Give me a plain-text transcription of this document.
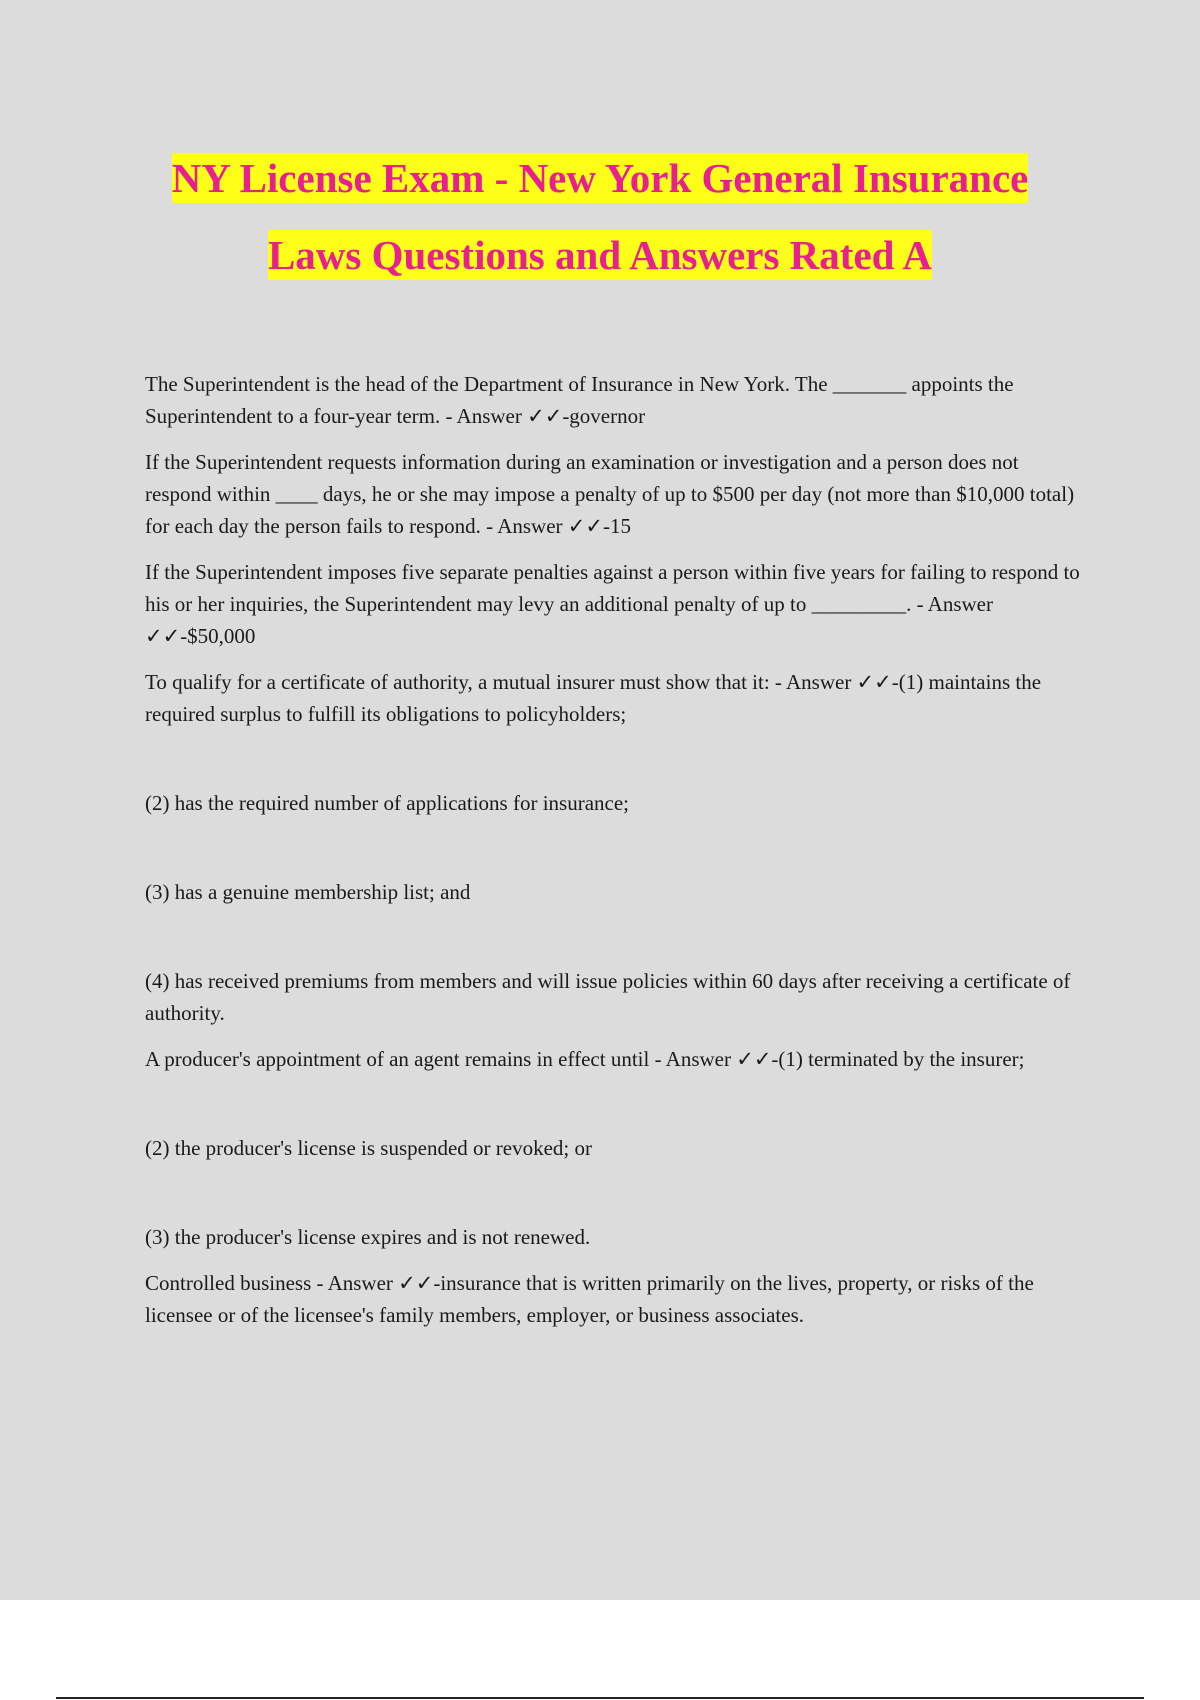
NY License Exam - New York General Insurance
Laws Questions and Answers Rated A

The Superintendent is the head of the Department of Insurance in New York. The _______ appoints the Superintendent to a four-year term. - Answer ✓✓-governor

If the Superintendent requests information during an examination or investigation and a person does not respond within ____ days, he or she may impose a penalty of up to $500 per day (not more than $10,000 total) for each day the person fails to respond. - Answer ✓✓-15

If the Superintendent imposes five separate penalties against a person within five years for failing to respond to his or her inquiries, the Superintendent may levy an additional penalty of up to _________. - Answer ✓✓-$50,000

To qualify for a certificate of authority, a mutual insurer must show that it: - Answer ✓✓-(1) maintains the required surplus to fulfill its obligations to policyholders;

(2) has the required number of applications for insurance;

(3) has a genuine membership list; and

(4) has received premiums from members and will issue policies within 60 days after receiving a certificate of authority.

A producer's appointment of an agent remains in effect until - Answer ✓✓-(1) terminated by the insurer;

(2) the producer's license is suspended or revoked; or

(3) the producer's license expires and is not renewed.

Controlled business - Answer ✓✓-insurance that is written primarily on the lives, property, or risks of the licensee or of the licensee's family members, employer, or business associates.
